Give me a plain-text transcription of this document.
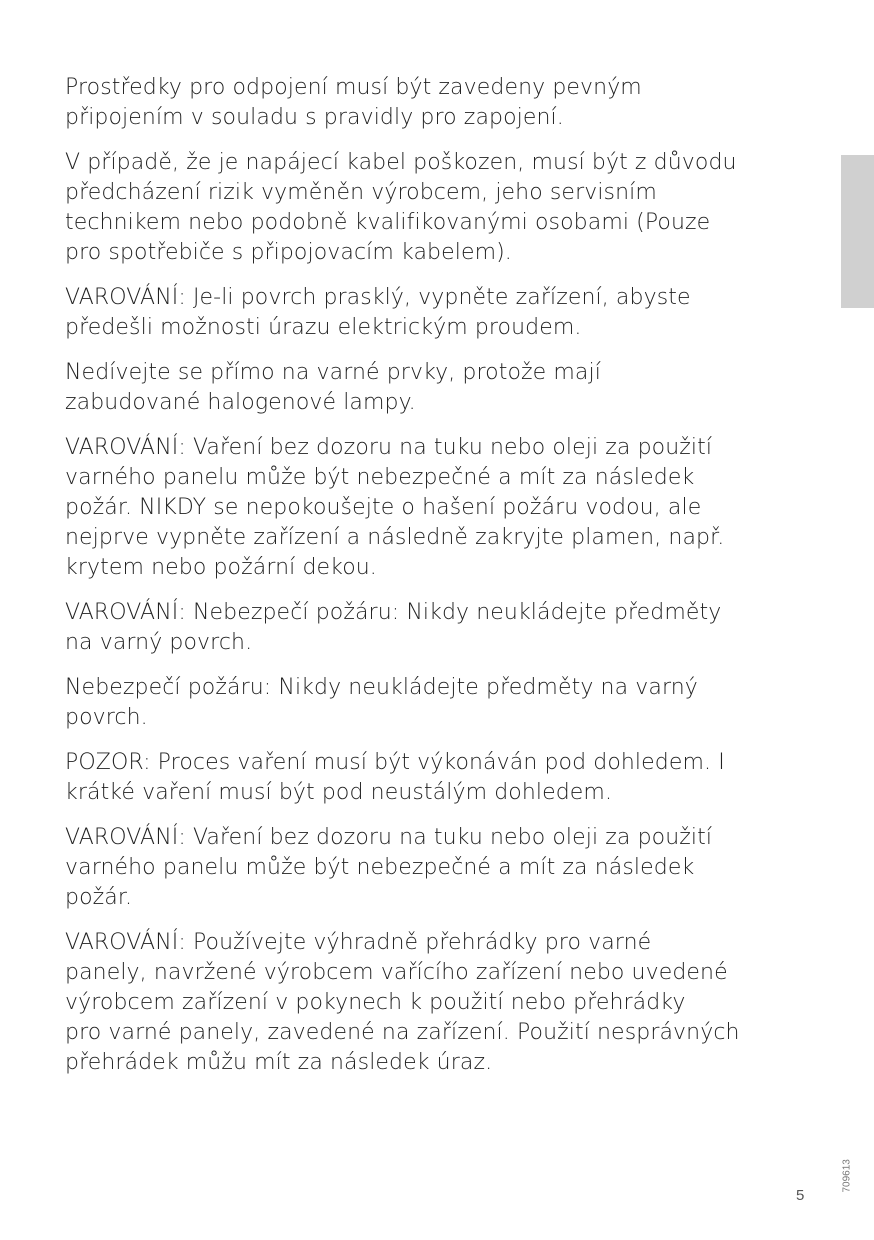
Prostředky pro odpojení musí být zavedeny pevným
připojením v souladu s pravidly pro zapojení.

V případě, že je napájecí kabel poškozen, musí být z důvodu
předcházení rizik vyměněn výrobcem, jeho servisním
technikem nebo podobně kvalifikovanými osobami (Pouze
pro spotřebiče s připojovacím kabelem).

VAROVÁNÍ: Je-li povrch prasklý, vypněte zařízení, abyste
předešli možnosti úrazu elektrickým proudem.

Nedívejte se přímo na varné prvky, protože mají
zabudované halogenové lampy.

VAROVÁNÍ: Vaření bez dozoru na tuku nebo oleji za použití
varného panelu může být nebezpečné a mít za následek
požár. NIKDY se nepokoušejte o hašení požáru vodou, ale
nejprve vypněte zařízení a následně zakryjte plamen, např.
krytem nebo požární dekou.

VAROVÁNÍ: Nebezpečí požáru: Nikdy neukládejte předměty
na varný povrch.

Nebezpečí požáru: Nikdy neukládejte předměty na varný
povrch.

POZOR: Proces vaření musí být výkonáván pod dohledem. I
krátké vaření musí být pod neustálým dohledem.

VAROVÁNÍ: Vaření bez dozoru na tuku nebo oleji za použití
varného panelu může být nebezpečné a mít za následek
požár.

VAROVÁNÍ: Používejte výhradně přehrádky pro varné
panely, navržené výrobcem vařícího zařízení nebo uvedené
výrobcem zařízení v pokynech k použití nebo přehrádky
pro varné panely, zavedené na zařízení. Použití nesprávných
přehrádek můžu mít za následek úraz.

709613
5
